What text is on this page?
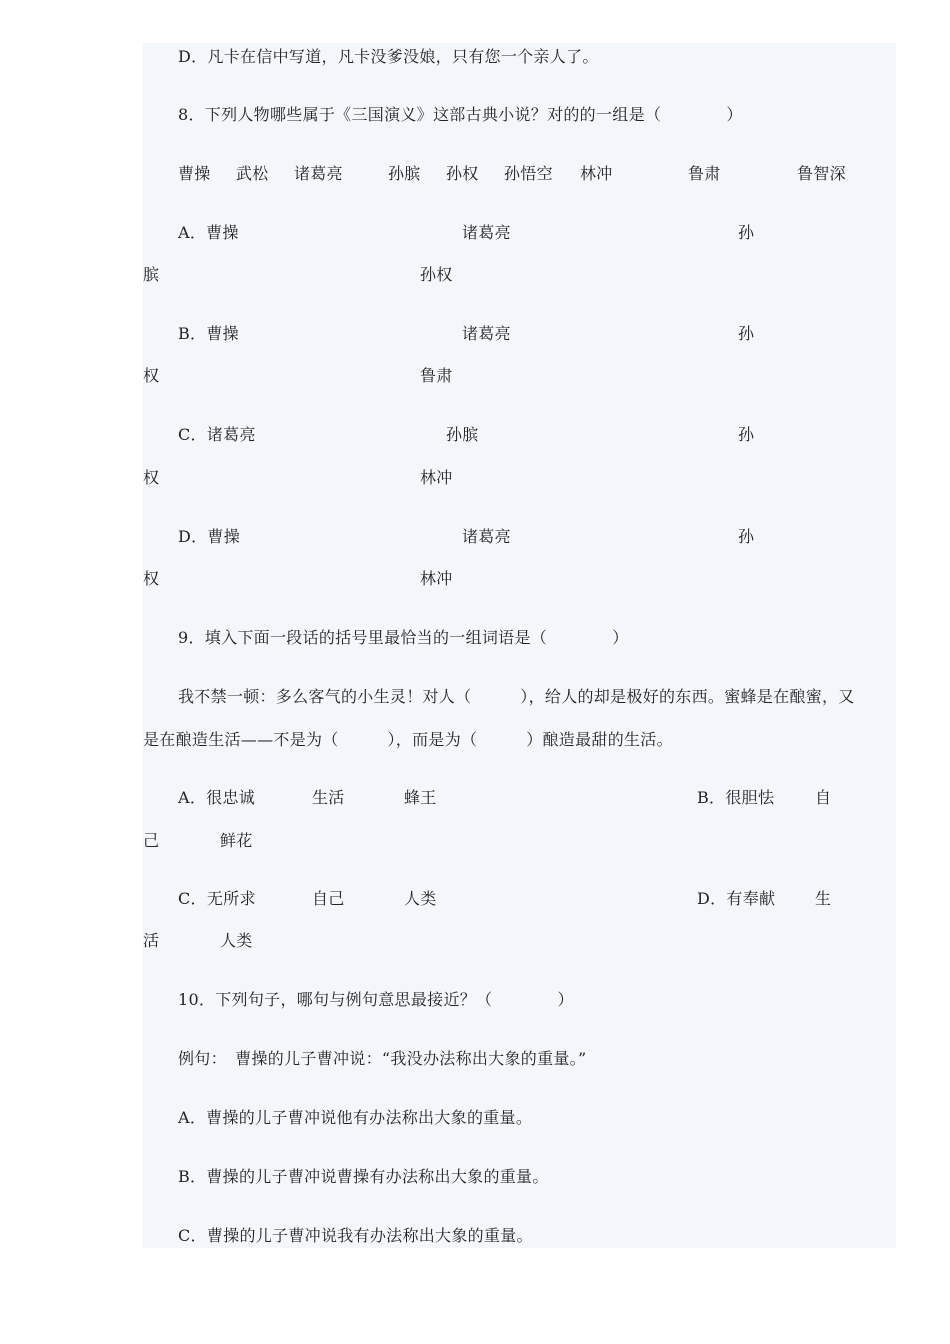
D．凡卡在信中写道，凡卡没爹没娘，只有您一个亲人了。
8．下列人物哪些属于《三国演义》这部古典小说？对的的一组是（　　　　）
曹操 武松 诸葛亮	孙膑 孙权 孙悟空 林冲	鲁肃	鲁智深
A．曹操	诸葛亮	孙
膑	孙权
B．曹操	诸葛亮	孙
权	鲁肃
C．诸葛亮	孙膑	孙
权	林冲
D．曹操	诸葛亮	孙
权	林冲
9．填入下面一段话的括号里最恰当的一组词语是（　　　　）
我不禁一顿：多么客气的小生灵！对人（　　　），给人的却是极好的东西。蜜蜂是在酿蜜，又
是在酿造生活——不是为（　　　），而是为（　　　）酿造最甜的生活。
A．很忠诚	生活	蜂王	B．很胆怯	自
己	鲜花
C．无所求	自己	人类	D．有奉献 生
活	人类
10．下列句子，哪句与例句意思最接近？（　　　　）
例句：　曹操的儿子曹冲说：“我没办法称出大象的重量。”
A．曹操的儿子曹冲说他有办法称出大象的重量。
B．曹操的儿子曹冲说曹操有办法称出大象的重量。
C．曹操的儿子曹冲说我有办法称出大象的重量。
